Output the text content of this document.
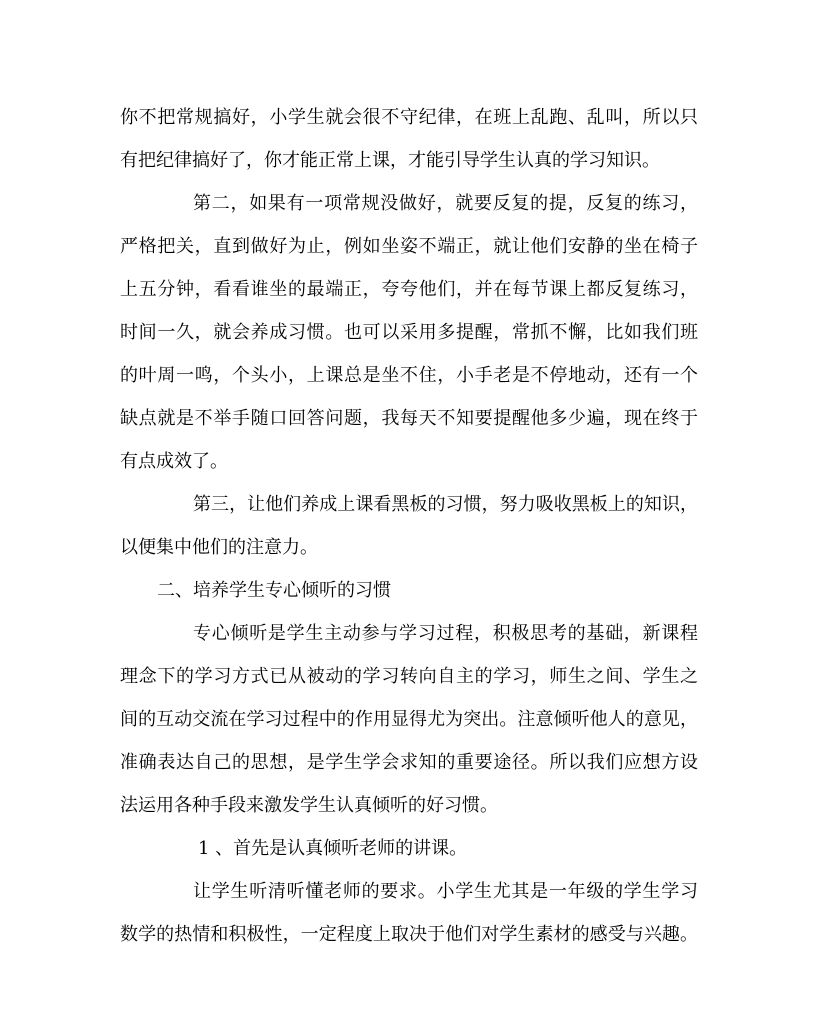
你不把常规搞好，小学生就会很不守纪律，在班上乱跑、乱叫，所以只

有把纪律搞好了，你才能正常上课，才能引导学生认真的学习知识。

第二，如果有一项常规没做好，就要反复的提，反复的练习，

严格把关，直到做好为止，例如坐姿不端正，就让他们安静的坐在椅子

上五分钟，看看谁坐的最端正，夸夸他们，并在每节课上都反复练习，

时间一久，就会养成习惯。也可以采用多提醒，常抓不懈，比如我们班

的叶周一鸣，个头小，上课总是坐不住，小手老是不停地动，还有一个

缺点就是不举手随口回答问题，我每天不知要提醒他多少遍，现在终于

有点成效了。

第三，让他们养成上课看黑板的习惯，努力吸收黑板上的知识，

以便集中他们的注意力。

二、培养学生专心倾听的习惯

专心倾听是学生主动参与学习过程，积极思考的基础，新课程

理念下的学习方式已从被动的学习转向自主的学习，师生之间、学生之

间的互动交流在学习过程中的作用显得尤为突出。注意倾听他人的意见，

准确表达自己的思想，是学生学会求知的重要途径。所以我们应想方设

法运用各种手段来激发学生认真倾听的好习惯。

1 、首先是认真倾听老师的讲课。

让学生听清听懂老师的要求。小学生尤其是一年级的学生学习

数学的热情和积极性，一定程度上取决于他们对学生素材的感受与兴趣。
